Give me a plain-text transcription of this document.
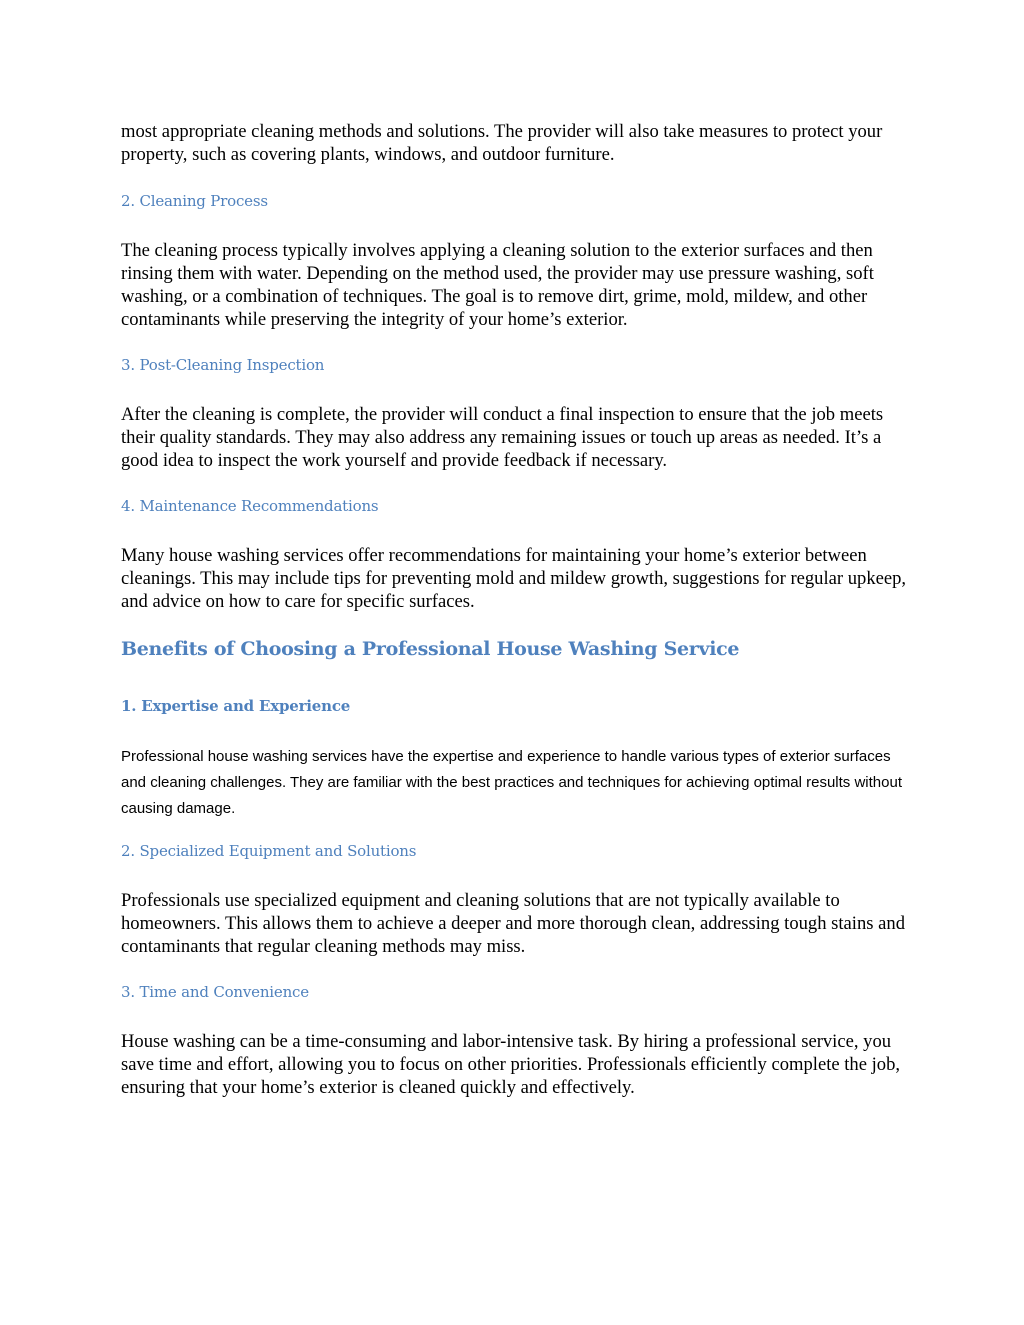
most appropriate cleaning methods and solutions. The provider will also take measures to protect your property, such as covering plants, windows, and outdoor furniture.

2. Cleaning Process

The cleaning process typically involves applying a cleaning solution to the exterior surfaces and then rinsing them with water. Depending on the method used, the provider may use pressure washing, soft washing, or a combination of techniques. The goal is to remove dirt, grime, mold, mildew, and other contaminants while preserving the integrity of your home’s exterior.

3. Post-Cleaning Inspection

After the cleaning is complete, the provider will conduct a final inspection to ensure that the job meets their quality standards. They may also address any remaining issues or touch up areas as needed. It’s a good idea to inspect the work yourself and provide feedback if necessary.

4. Maintenance Recommendations

Many house washing services offer recommendations for maintaining your home’s exterior between cleanings. This may include tips for preventing mold and mildew growth, suggestions for regular upkeep, and advice on how to care for specific surfaces.

Benefits of Choosing a Professional House Washing Service
1. Expertise and Experience

Professional house washing services have the expertise and experience to handle various types of exterior surfaces and cleaning challenges. They are familiar with the best practices and techniques for achieving optimal results without causing damage.

2. Specialized Equipment and Solutions

Professionals use specialized equipment and cleaning solutions that are not typically available to homeowners. This allows them to achieve a deeper and more thorough clean, addressing tough stains and contaminants that regular cleaning methods may miss.

3. Time and Convenience

House washing can be a time-consuming and labor-intensive task. By hiring a professional service, you save time and effort, allowing you to focus on other priorities. Professionals efficiently complete the job, ensuring that your home’s exterior is cleaned quickly and effectively.
